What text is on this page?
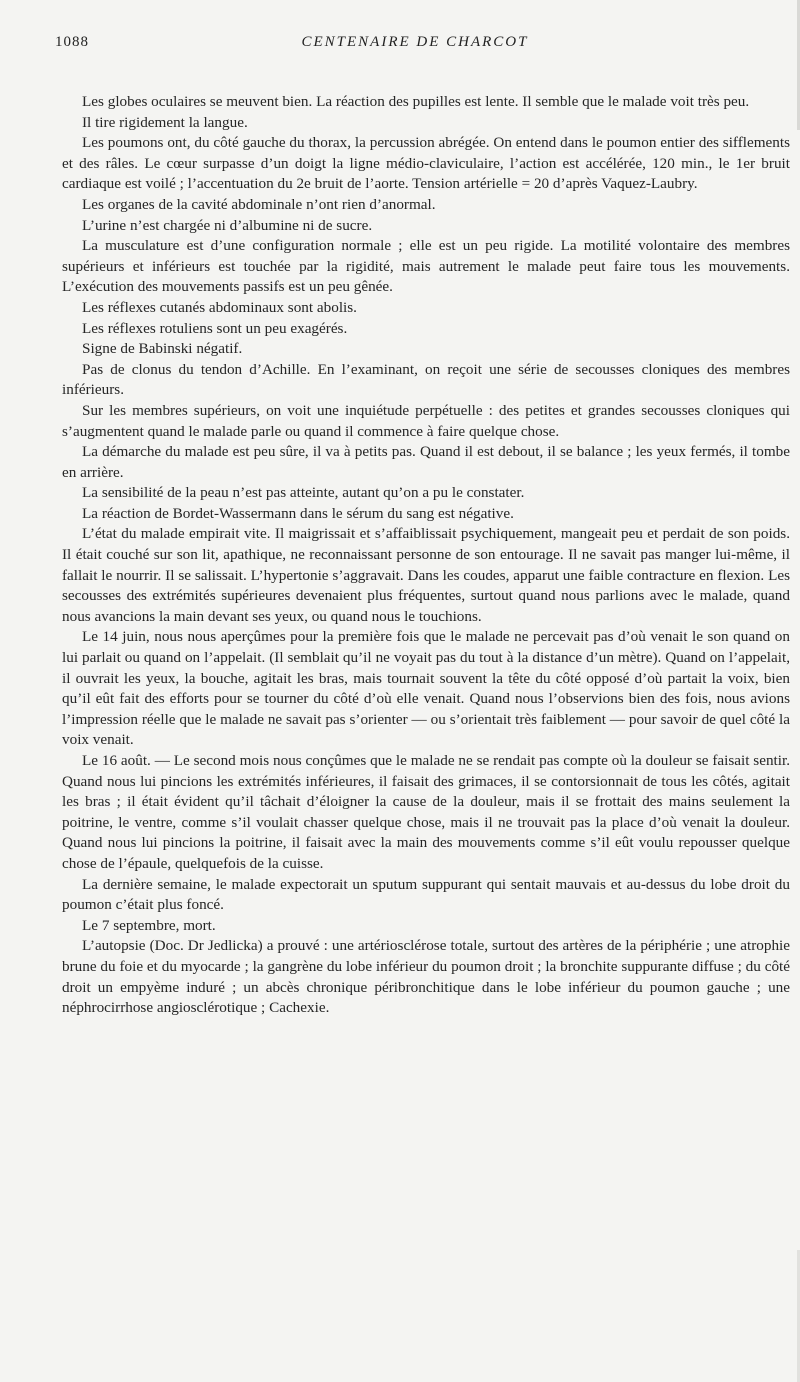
1088	CENTENAIRE DE CHARCOT

Les globes oculaires se meuvent bien. La réaction des pupilles est lente. Il semble que le malade voit très peu.

Il tire rigidement la langue.

Les poumons ont, du côté gauche du thorax, la percussion abrégée. On entend dans le poumon entier des sifflements et des râles. Le cœur surpasse d’un doigt la ligne médio-claviculaire, l’action est accélérée, 120 min., le 1er bruit cardiaque est voilé ; l’accentuation du 2e bruit de l’aorte. Tension artérielle = 20 d’après Vaquez-Laubry.

Les organes de la cavité abdominale n’ont rien d’anormal.

L’urine n’est chargée ni d’albumine ni de sucre.

La musculature est d’une configuration normale ; elle est un peu rigide. La motilité volontaire des membres supérieurs et inférieurs est touchée par la rigidité, mais autrement le malade peut faire tous les mouvements. L’exécution des mouvements passifs est un peu gênée.

Les réflexes cutanés abdominaux sont abolis.

Les réflexes rotuliens sont un peu exagérés.

Signe de Babinski négatif.

Pas de clonus du tendon d’Achille. En l’examinant, on reçoit une série de secousses cloniques des membres inférieurs.

Sur les membres supérieurs, on voit une inquiétude perpétuelle : des petites et grandes secousses cloniques qui s’augmentent quand le malade parle ou quand il commence à faire quelque chose.

La démarche du malade est peu sûre, il va à petits pas. Quand il est debout, il se balance ; les yeux fermés, il tombe en arrière.

La sensibilité de la peau n’est pas atteinte, autant qu’on a pu le constater.

La réaction de Bordet-Wassermann dans le sérum du sang est négative.

L’état du malade empirait vite. Il maigrissait et s’affaiblissait psychiquement, mangeait peu et perdait de son poids. Il était couché sur son lit, apathique, ne reconnaissant personne de son entourage. Il ne savait pas manger lui-même, il fallait le nourrir. Il se salissait. L’hypertonie s’aggravait. Dans les coudes, apparut une faible contracture en flexion. Les secousses des extrémités supérieures devenaient plus fréquentes, surtout quand nous parlions avec le malade, quand nous avancions la main devant ses yeux, ou quand nous le touchions.

Le 14 juin, nous nous aperçûmes pour la première fois que le malade ne percevait pas d’où venait le son quand on lui parlait ou quand on l’appelait. (Il semblait qu’il ne voyait pas du tout à la distance d’un mètre). Quand on l’appelait, il ouvrait les yeux, la bouche, agitait les bras, mais tournait souvent la tête du côté opposé d’où partait la voix, bien qu’il eût fait des efforts pour se tourner du côté d’où elle venait. Quand nous l’observions bien des fois, nous avions l’impression réelle que le malade ne savait pas s’orienter — ou s’orientait très faiblement — pour savoir de quel côté la voix venait.

Le 16 août. — Le second mois nous conçûmes que le malade ne se rendait pas compte où la douleur se faisait sentir. Quand nous lui pincions les extrémités inférieures, il faisait des grimaces, il se contorsionnait de tous les côtés, agitait les bras ; il était évident qu’il tâchait d’éloigner la cause de la douleur, mais il se frottait des mains seulement la poitrine, le ventre, comme s’il voulait chasser quelque chose, mais il ne trouvait pas la place d’où venait la douleur. Quand nous lui pincions la poitrine, il faisait avec la main des mouvements comme s’il eût voulu repousser quelque chose de l’épaule, quelquefois de la cuisse.

La dernière semaine, le malade expectorait un sputum suppurant qui sentait mauvais et au-dessus du lobe droit du poumon c’était plus foncé.

Le 7 septembre, mort.

L’autopsie (Doc. Dr Jedlicka) a prouvé : une artériosclérose totale, surtout des artères de la périphérie ; une atrophie brune du foie et du myocarde ; la gangrène du lobe inférieur du poumon droit ; la bronchite suppurante diffuse ; du côté droit un empyème induré ; un abcès chronique péribronchitique dans le lobe inférieur du poumon gauche ; une néphrocirrhose angiosclérotique ; Cachexie.
